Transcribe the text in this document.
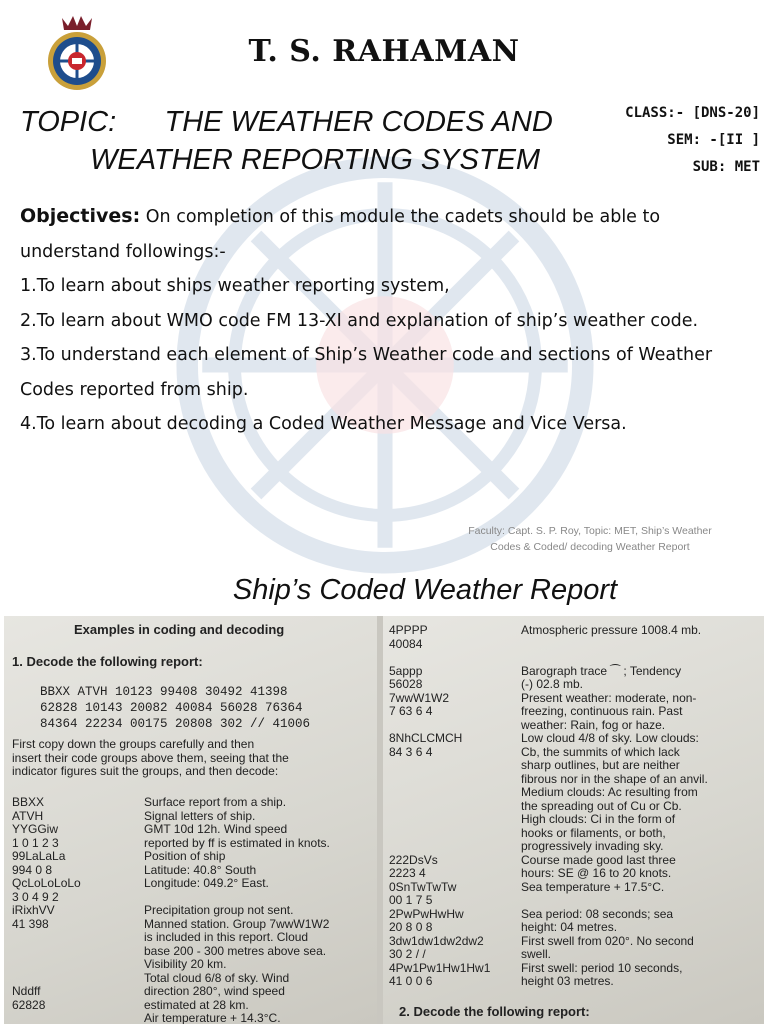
T. S. RAHAMAN
TOPIC: THE WEATHER CODES AND
WEATHER REPORTING SYSTEM
CLASS:- [DNS-20]
SEM: -[II ]
SUB: MET

Objectives: On completion of this module the cadets should be able to understand followings:-

1.To learn about ships weather reporting system,

2.To learn about WMO code FM 13-XI and explanation of ship’s weather code.

3.To understand each element of Ship’s Weather code and sections of Weather Codes reported from ship.

4.To learn about decoding a Coded Weather Message and Vice Versa.

Faculty: Capt. S. P. Roy, Topic: MET, Ship’s Weather
Codes & Coded/ decoding Weather Report
Ship’s Coded Weather Report
Examples in coding and decoding
1. Decode the following report:
BBXX ATVH 10123 99408 30492 41398
62828 10143 20082 40084 56028 76364
84364 22234 00175 20808 302 // 41006
First copy down the groups carefully and then
insert their code groups above them, seeing that the
indicator figures suit the groups, and then decode:
BBXX
ATVH
YYGGiw
1 0 1 2 3
99LaLaLa
994 0 8
QcLoLoLoLo
3 0 4 9 2
iRixhVV
41 398
Nddff
62828
Surface report from a ship.
Signal letters of ship.
GMT 10d 12h. Wind speed
reported by ff is estimated in knots.
Position of ship
Latitude: 40.8° South
Longitude: 049.2° East.
Precipitation group not sent.
Manned station. Group 7wwW1W2
is included in this report. Cloud
base 200 - 300 metres above sea.
Visibility 20 km.
Total cloud 6/8 of sky. Wind
direction 280°, wind speed
estimated at 28 km.
Air temperature + 14.3°C.
4PPPP
40084
5appp
56028
7wwW1W2
7 63 6 4
8NhCLCMCH
84 3 6 4
222DsVs
2223 4
0SnTwTwTw
00 1 7 5
2PwPwHwHw
20 8 0 8
3dw1dw1dw2dw2
30 2 / /
4Pw1Pw1Hw1Hw1
41 0 0 6
Atmospheric pressure 1008.4 mb.
Barograph trace ⁀ ; Tendency
(-) 02.8 mb.
Present weather: moderate, non-
freezing, continuous rain. Past
weather: Rain, fog or haze.
Low cloud 4/8 of sky. Low clouds:
Cb, the summits of which lack
sharp outlines, but are neither
fibrous nor in the shape of an anvil.
Medium clouds: Ac resulting from
the spreading out of Cu or Cb.
High clouds: Ci in the form of
hooks or filaments, or both,
progressively invading sky.
Course made good last three
hours: SE @ 16 to 20 knots.
Sea temperature + 17.5°C.
Sea period: 08 seconds; sea
height: 04 metres.
First swell from 020°. No second
swell.
First swell: period 10 seconds,
height 03 metres.
2. Decode the following report:
